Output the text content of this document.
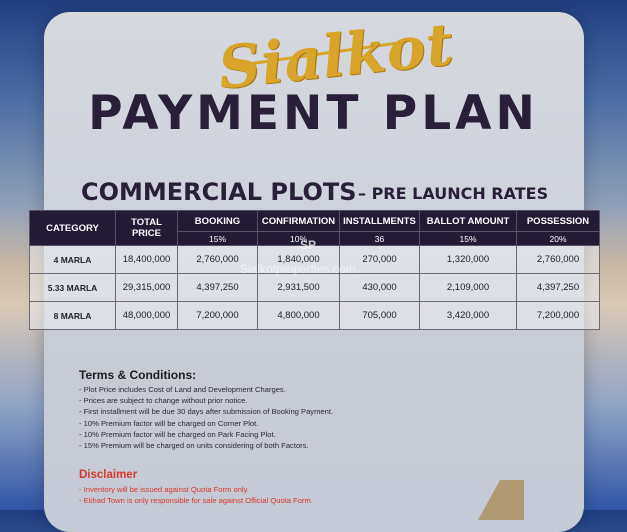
Sialkot
PAYMENT PLAN
COMMERCIAL PLOTS – PRE LAUNCH RATES
CATEGORY	TOTAL PRICE	BOOKING	CONFIRMATION	INSTALLMENTS	BALLOT AMOUNT	POSSESSION
		15%	10%	36	15%	20%
4 MARLA	18,400,000	2,760,000	1,840,000	270,000	1,320,000	2,760,000
5.33 MARLA	29,315,000	4,397,250	2,931,500	430,000	2,109,000	4,397,250
8 MARLA	48,000,000	7,200,000	4,800,000	705,000	3,420,000	7,200,000
SP
Sialkotproperties.com
Terms & Conditions:
- Plot Price includes Cost of Land and Development Charges.
- Prices are subject to change without prior notice.
- First installment will be due 30 days after submission of Booking Payment.
- 10% Premium factor will be charged on Corner Plot.
- 10% Premium factor will be charged on Park Facing Plot.
- 15% Premium will be charged on units considering of both Factors.
Disclaimer
- Inventory will be issued against Quota Form only.
- Etihad Town is only responsible for sale against Official Quota Form.
